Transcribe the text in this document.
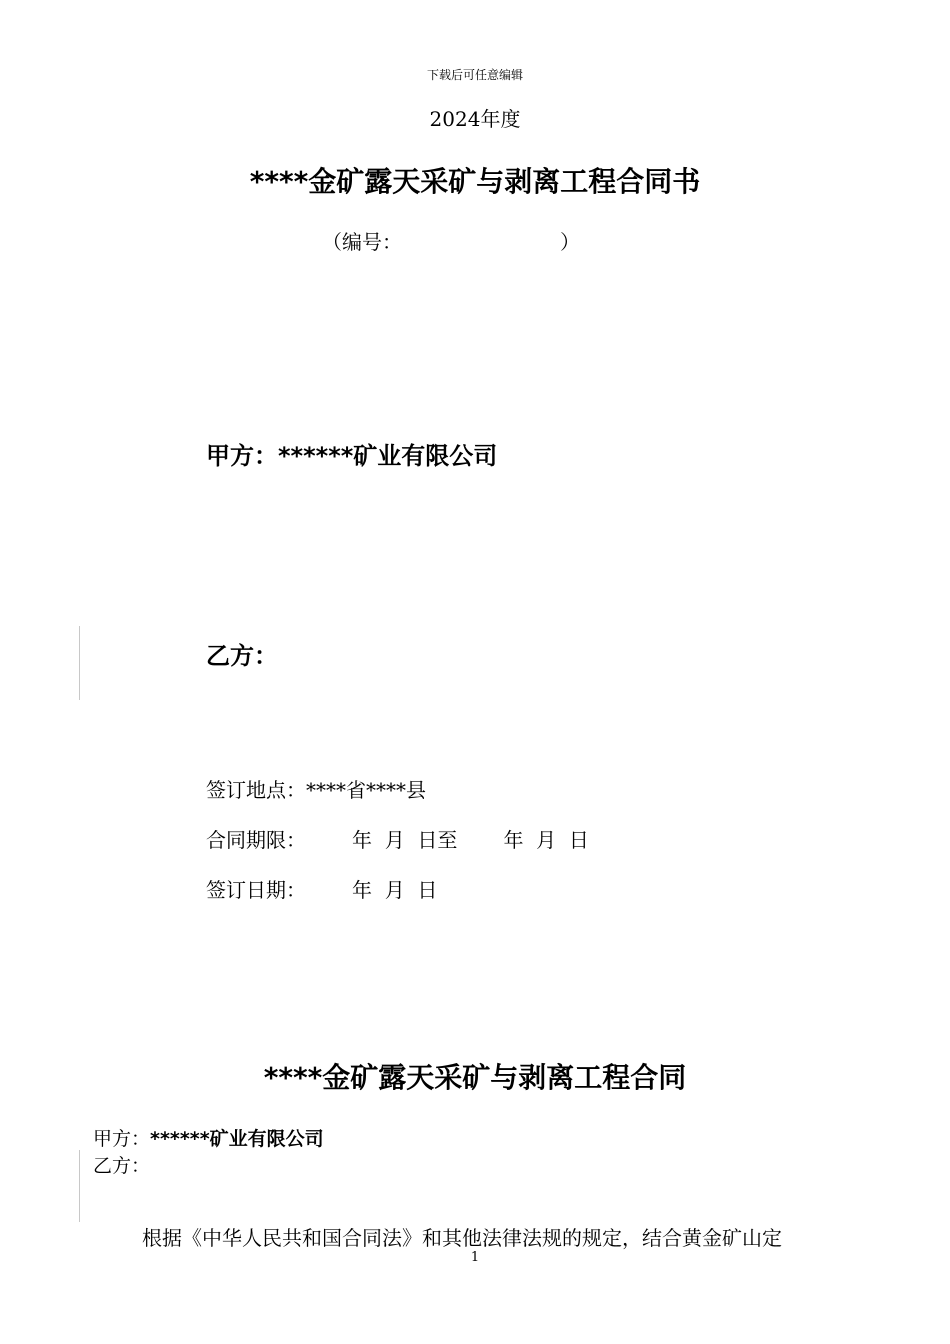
下载后可任意编辑
2024年度
****金矿露天采矿与剥离工程合同书
（编号：	）
甲方：******矿业有限公司
乙方：
签订地点：****省****县
合同期限： 年  月  日至 年  月  日
签订日期： 年  月  日
****金矿露天采矿与剥离工程合同
甲方：******矿业有限公司
乙方：
根据《中华人民共和国合同法》和其他法律法规的规定，结合黄金矿山定
1
